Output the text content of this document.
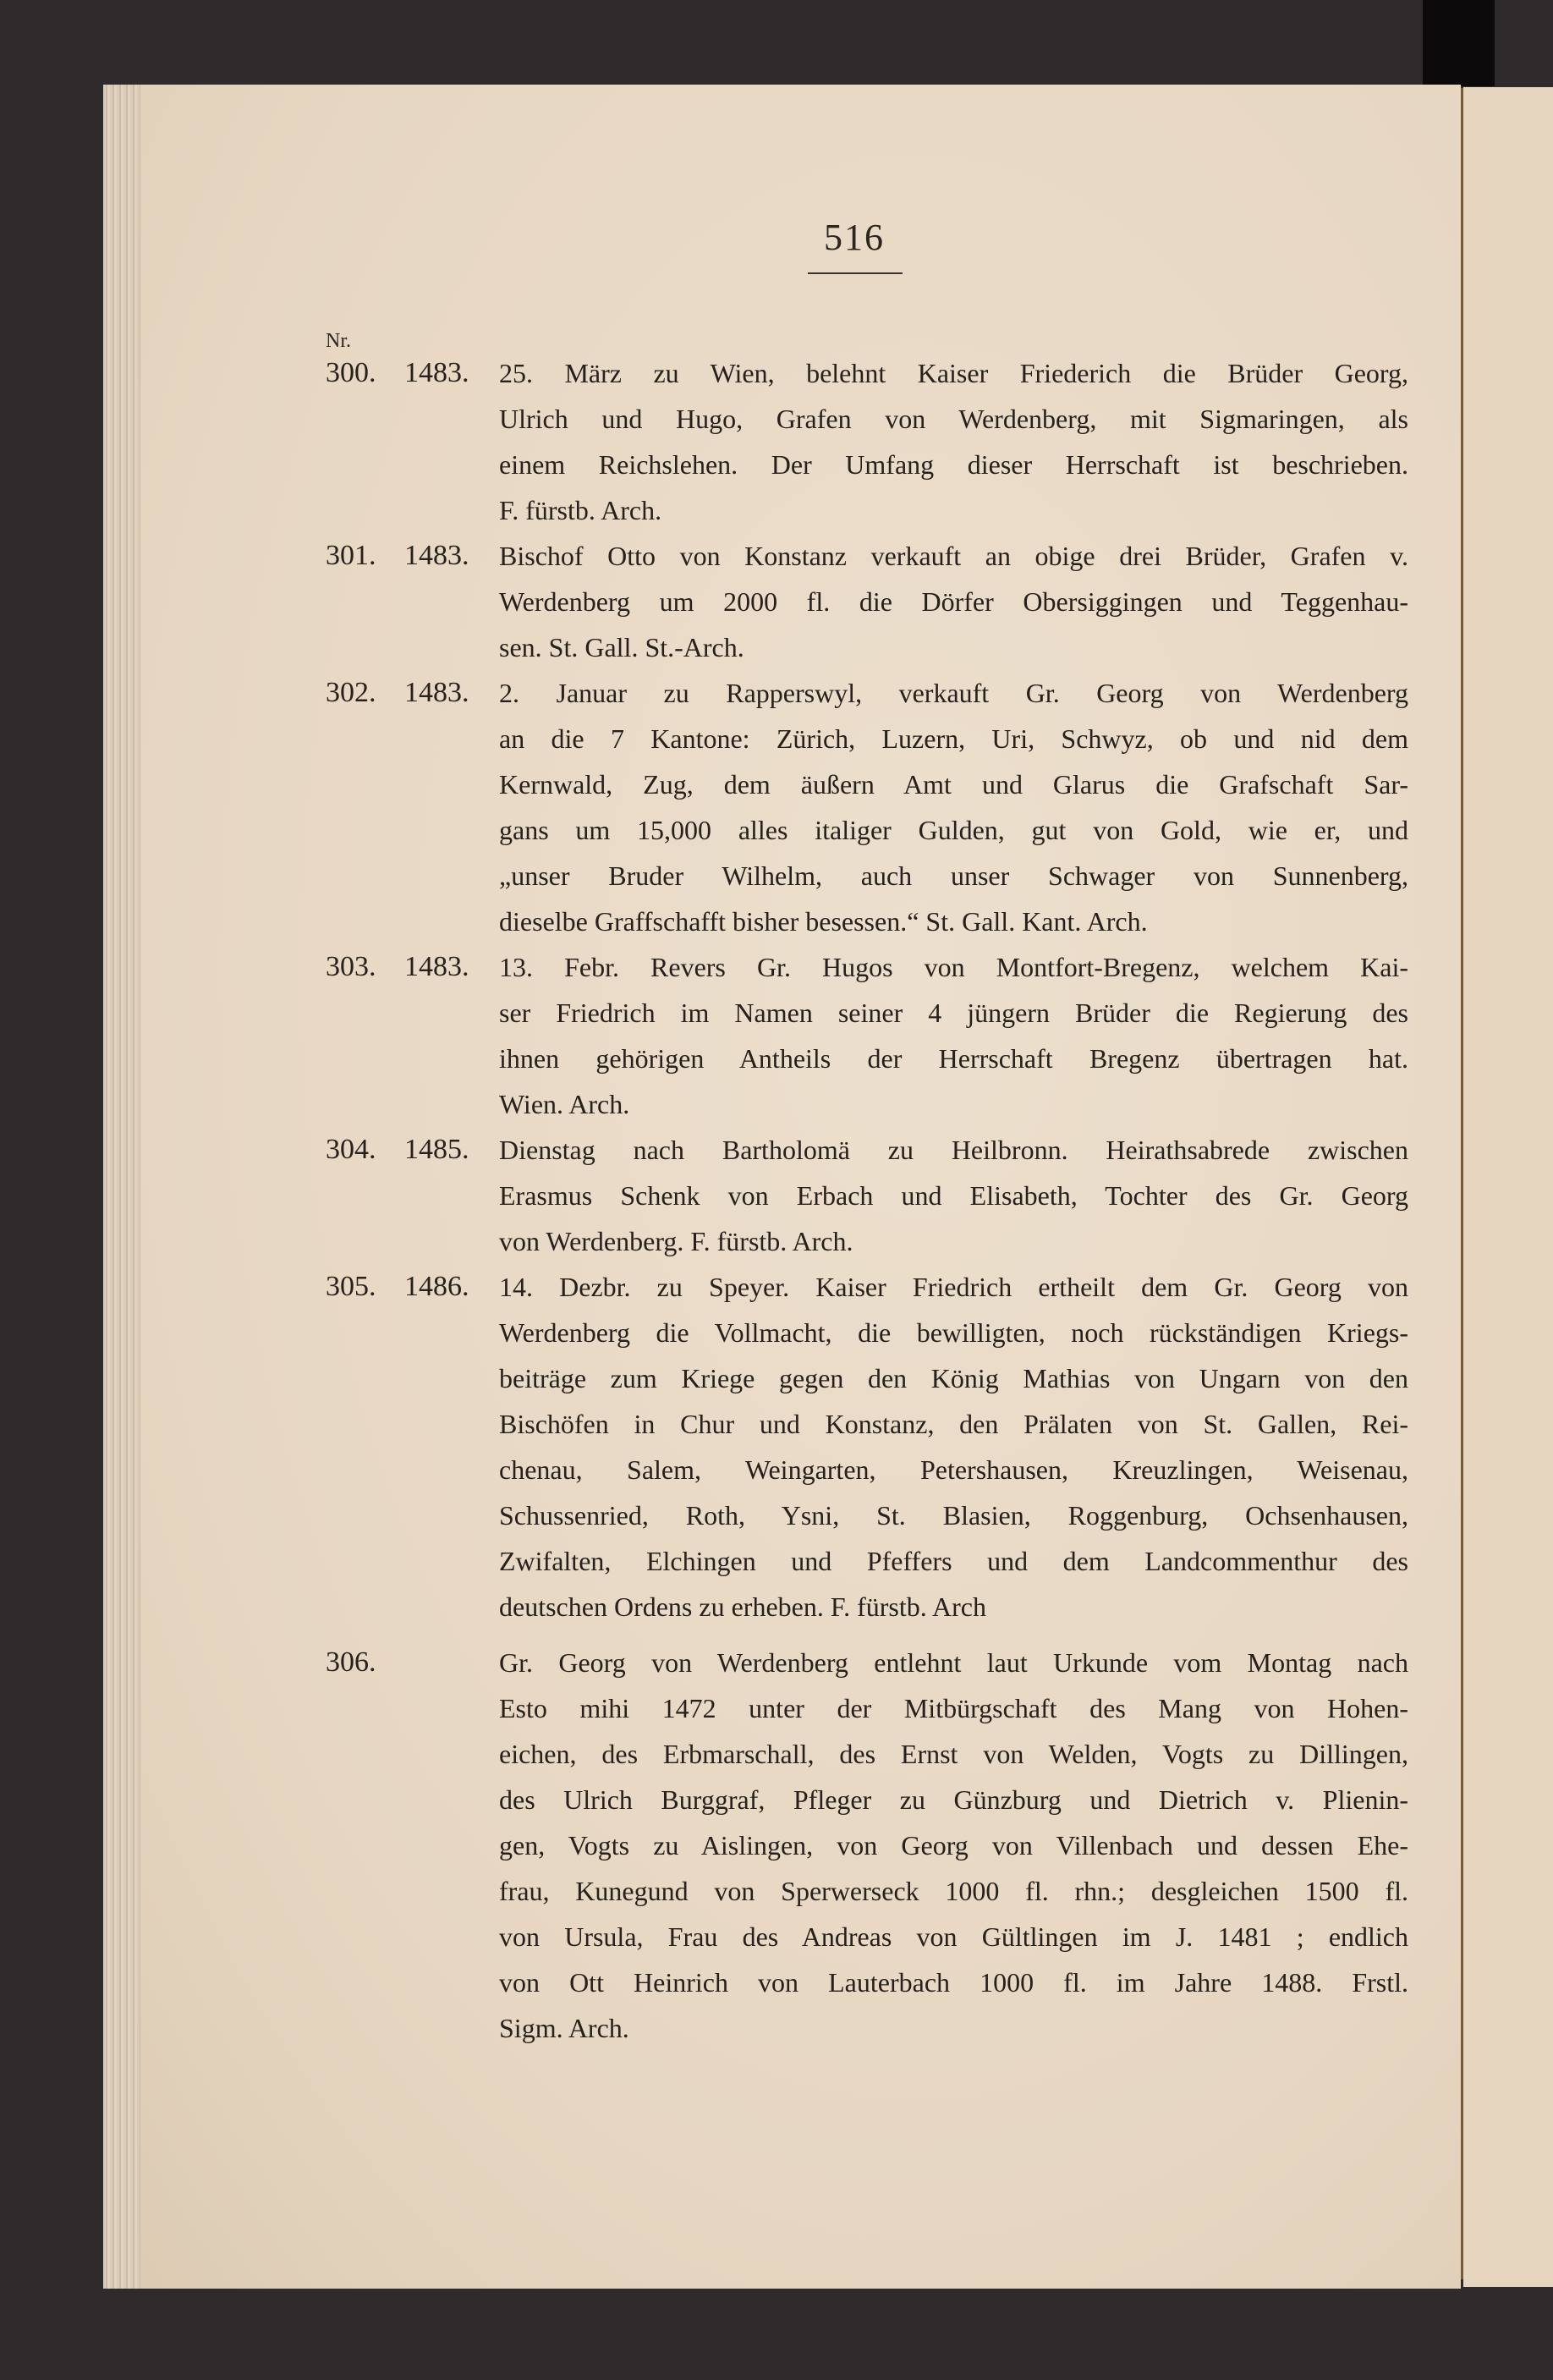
516
Nr.
300. 1483.	25. März zu Wien, belehnt Kaiser Friederich die Brüder Georg,
Ulrich und Hugo, Grafen von Werdenberg, mit Sigmaringen, als
einem Reichslehen. Der Umfang dieser Herrschaft ist beschrieben.
F. fürstb. Arch.
301. 1483.	Bischof Otto von Konstanz verkauft an obige drei Brüder, Grafen v.
Werdenberg um 2000 fl. die Dörfer Obersiggingen und Teggenhau-
sen. St. Gall. St.-Arch.
302. 1483.	2. Januar zu Rapperswyl, verkauft Gr. Georg von Werdenberg
an die 7 Kantone: Zürich, Luzern, Uri, Schwyz, ob und nid dem
Kernwald, Zug, dem äußern Amt und Glarus die Grafschaft Sar-
gans um 15,000 alles italiger Gulden, gut von Gold, wie er, und
„unser Bruder Wilhelm, auch unser Schwager von Sunnenberg,
dieselbe Graffschafft bisher besessen.“ St. Gall. Kant. Arch.
303. 1483.	13. Febr. Revers Gr. Hugos von Montfort-Bregenz, welchem Kai-
ser Friedrich im Namen seiner 4 jüngern Brüder die Regierung des
ihnen gehörigen Antheils der Herrschaft Bregenz übertragen hat.
Wien. Arch.
304. 1485.	Dienstag nach Bartholomä zu Heilbronn. Heirathsabrede zwischen
Erasmus Schenk von Erbach und Elisabeth, Tochter des Gr. Georg
von Werdenberg. F. fürstb. Arch.
305. 1486.	14. Dezbr. zu Speyer. Kaiser Friedrich ertheilt dem Gr. Georg von
Werdenberg die Vollmacht, die bewilligten, noch rückständigen Kriegs-
beiträge zum Kriege gegen den König Mathias von Ungarn von den
Bischöfen in Chur und Konstanz, den Prälaten von St. Gallen, Rei-
chenau, Salem, Weingarten, Petershausen, Kreuzlingen, Weisenau,
Schussenried, Roth, Ysni, St. Blasien, Roggenburg, Ochsenhausen,
Zwifalten, Elchingen und Pfeffers und dem Landcommenthur des
deutschen Ordens zu erheben. F. fürstb. Arch
306.	Gr. Georg von Werdenberg entlehnt laut Urkunde vom Montag nach
Esto mihi 1472 unter der Mitbürgschaft des Mang von Hohen-
eichen, des Erbmarschall, des Ernst von Welden, Vogts zu Dillingen,
des Ulrich Burggraf, Pfleger zu Günzburg und Dietrich v. Plienin-
gen, Vogts zu Aislingen, von Georg von Villenbach und dessen Ehe-
frau, Kunegund von Sperwerseck 1000 fl. rhn.; desgleichen 1500 fl.
von Ursula, Frau des Andreas von Gültlingen im J. 1481 ; endlich
von Ott Heinrich von Lauterbach 1000 fl. im Jahre 1488. Frstl.
Sigm. Arch.
